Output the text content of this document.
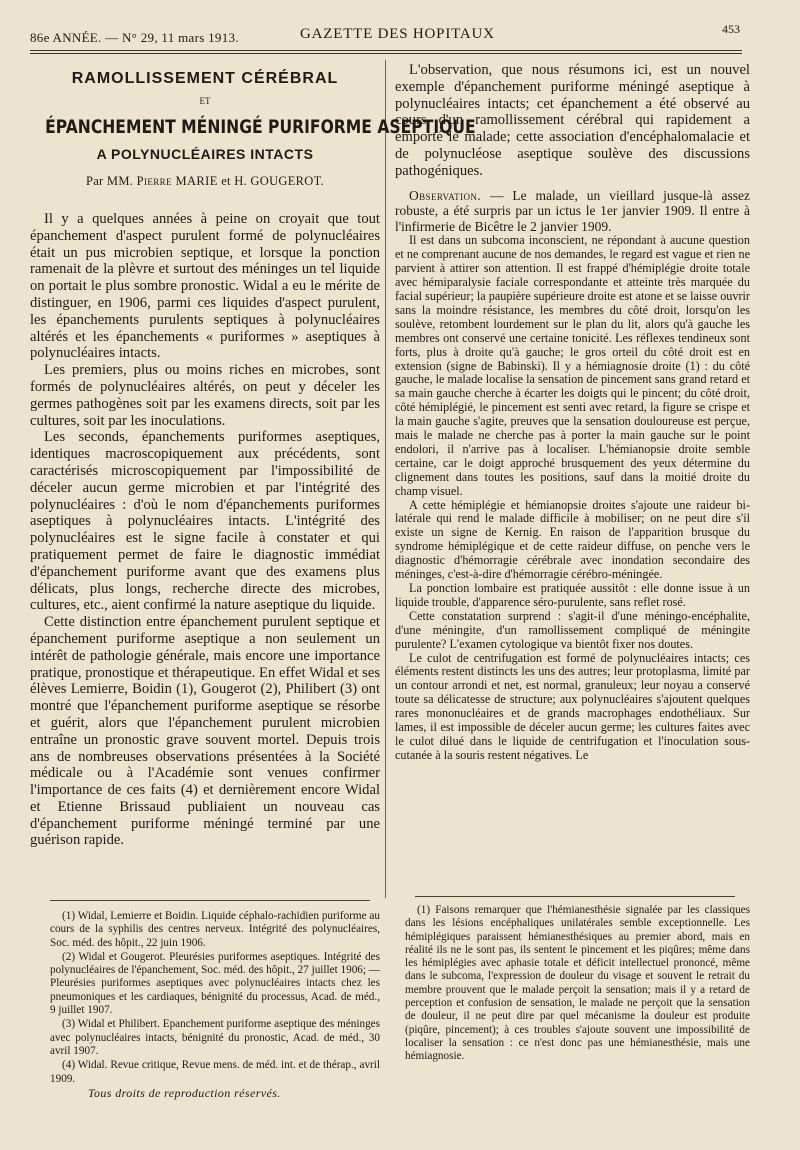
86e ANNÉE. — N° 29, 11 mars 1913.	GAZETTE DES HOPITAUX	453
RAMOLLISSEMENT CÉRÉBRAL
ET
ÉPANCHEMENT MÉNINGÉ PURIFORME ASEPTIQUE
A POLYNUCLÉAIRES INTACTS
Par MM. Pierre MARIE et H. GOUGEROT.

Il y a quelques années à peine on croyait que tout épanchement d'aspect purulent formé de polynucléaires était un pus microbien septique, et lorsque la ponction ramenait de la plèvre et surtout des méninges un tel liquide on portait le plus sombre pronostic. Widal a eu le mérite de distinguer, en 1906, parmi ces liquides d'aspect purulent, les épanchements purulents septiques à polynucléaires altérés et les épanchements « puriformes » aseptiques à polynucléaires intacts.

Les premiers, plus ou moins riches en microbes, sont formés de polynucléaires altérés, on peut y déceler les germes pathogènes soit par les examens directs, soit par les cultures, soit par les inoculations.

Les seconds, épanchements puriformes aseptiques, identiques macroscopiquement aux précédents, sont caractérisés microscopiquement par l'impossibilité de déceler aucun germe microbien et par l'intégrité des polynucléaires : d'où le nom d'épanchements puriformes aseptiques à polynucléaires intacts. L'intégrité des polynucléaires est le signe facile à constater et qui pratiquement permet de faire le diagnostic immédiat d'épanchement puriforme avant que des examens plus délicats, plus longs, recherche directe des microbes, cultures, etc., aient confirmé la nature aseptique du liquide.

Cette distinction entre épanchement purulent septique et épanchement puriforme aseptique a non seulement un intérêt de pathologie générale, mais encore une importance pratique, pronostique et thérapeutique. En effet Widal et ses élèves Lemierre, Boidin (1), Gougerot (2), Philibert (3) ont montré que l'épanchement puriforme aseptique se résorbe et guérit, alors que l'épanchement purulent microbien entraîne un pronostic grave souvent mortel. Depuis trois ans de nombreuses observations présentées à la Société médicale ou à l'Académie sont venues confirmer l'importance de ces faits (4) et dernièrement encore Widal et Etienne Brissaud publiaient un nouveau cas d'épanchement puriforme méningé terminé par une guérison rapide.

L'observation, que nous résumons ici, est un nouvel exemple d'épanchement puriforme méningé aseptique à polynucléaires intacts; cet épanchement a été observé au cours d'un ramollissement cérébral qui rapidement a emporté le malade; cette association d'encéphalomalacie et de polynucléose aseptique soulève des discussions pathogéniques.

Observation. — Le malade, un vieillard jusque-là assez robuste, a été surpris par un ictus le 1er janvier 1909. Il entre à l'infirmerie de Bicêtre le 2 janvier 1909.

Il est dans un subcoma inconscient, ne répondant à aucune question et ne comprenant aucune de nos demandes, le regard est vague et rien ne parvient à attirer son attention. Il est frappé d'hémiplégie droite totale avec hémiparalysie faciale correspondante et atteinte très marquée du facial supérieur; la paupière supérieure droite est atone et se laisse ouvrir sans la moindre résistance, les membres du côté droit, lorsqu'on les soulève, retombent lourdement sur le plan du lit, alors qu'à gauche les membres ont conservé une certaine tonicité. Les réflexes tendineux sont forts, plus à droite qu'à gauche; le gros orteil du côté droit est en extension (signe de Babinski). Il y a hémiagnosie droite (1) : du côté gauche, le malade localise la sensation de pincement sans grand retard et sa main gauche cherche à écarter les doigts qui le pincent; du côté droit, côté hémiplégié, le pincement est senti avec retard, la figure se crispe et la main gauche s'agite, preuves que la sensation douloureuse est perçue, mais le malade ne cherche pas à porter la main gauche sur le point endolori, il n'arrive pas à localiser. L'hémianopsie droite semble certaine, car le doigt approché brusquement des yeux détermine du clignement dans toutes les positions, sauf dans la moitié droite du champ visuel.

A cette hémiplégie et hémianopsie droites s'ajoute une raideur bi-latérale qui rend le malade difficile à mobiliser; on ne peut dire s'il existe un signe de Kernig. En raison de l'apparition brusque du syndrome hémiplégique et de cette raideur diffuse, on penche vers le diagnostic d'hémorragie cérébrale avec inondation secondaire des méninges, c'est-à-dire d'hémorragie cérébro-méningée.

La ponction lombaire est pratiquée aussitôt : elle donne issue à un liquide trouble, d'apparence séro-purulente, sans reflet rosé.

Cette constatation surprend : s'agit-il d'une méningo-encéphalite, d'une méningite, d'un ramollissement compliqué de méningite purulente? L'examen cytologique va bientôt fixer nos doutes.

Le culot de centrifugation est formé de polynucléaires intacts; ces éléments restent distincts les uns des autres; leur protoplasma, limité par un contour arrondi et net, est normal, granuleux; leur noyau a conservé toute sa délicatesse de structure; aux polynucléaires s'ajoutent quelques rares mononucléaires et de grands macrophages endothéliaux. Sur lames, il est impossible de déceler aucun germe; les cultures faites avec le culot dilué dans le liquide de centrifugation et l'inoculation sous-cutanée à la souris restent négatives. Le

(1) Widal, Lemierre et Boidin. Liquide céphalo-rachidien puriforme au cours de la syphilis des centres nerveux. Intégrité des polynucléaires, Soc. méd. des hôpit., 22 juin 1906.

(2) Widal et Gougerot. Pleurésies puriformes aseptiques. Intégrité des polynucléaires de l'épanchement, Soc. méd. des hôpit., 27 juillet 1906; — Pleurésies puriformes aseptiques avec polynucléaires intacts chez les pneumoniques et les cardiaques, bénignité du processus, Acad. de méd., 9 juillet 1907.

(3) Widal et Philibert. Epanchement puriforme aseptique des méninges avec polynucléaires intacts, bénignité du pronostic, Acad. de méd., 30 avril 1907.

(4) Widal. Revue critique, Revue mens. de méd. int. et de thérap., avril 1909.

(1) Faisons remarquer que l'hémianesthésie signalée par les classiques dans les lésions encéphaliques unilatérales semble exceptionnelle. Les hémiplégiques paraissent hémianesthésiques au premier abord, mais en réalité ils ne le sont pas, ils sentent le pincement et les piqûres; même dans les hémiplégies avec aphasie totale et déficit intellectuel prononcé, même dans le subcoma, l'expression de douleur du visage et souvent le retrait du membre prouvent que le malade perçoit la sensation; mais il y a retard de perception et confusion de sensation, le malade ne perçoit que la sensation de douleur, il ne peut dire par quel mécanisme la douleur est produite (piqûre, pincement); à ces troubles s'ajoute souvent une impossibilité de localiser la sensation : ce n'est donc pas une hémianesthésie, mais une hémiagnosie.

Tous droits de reproduction réservés.
